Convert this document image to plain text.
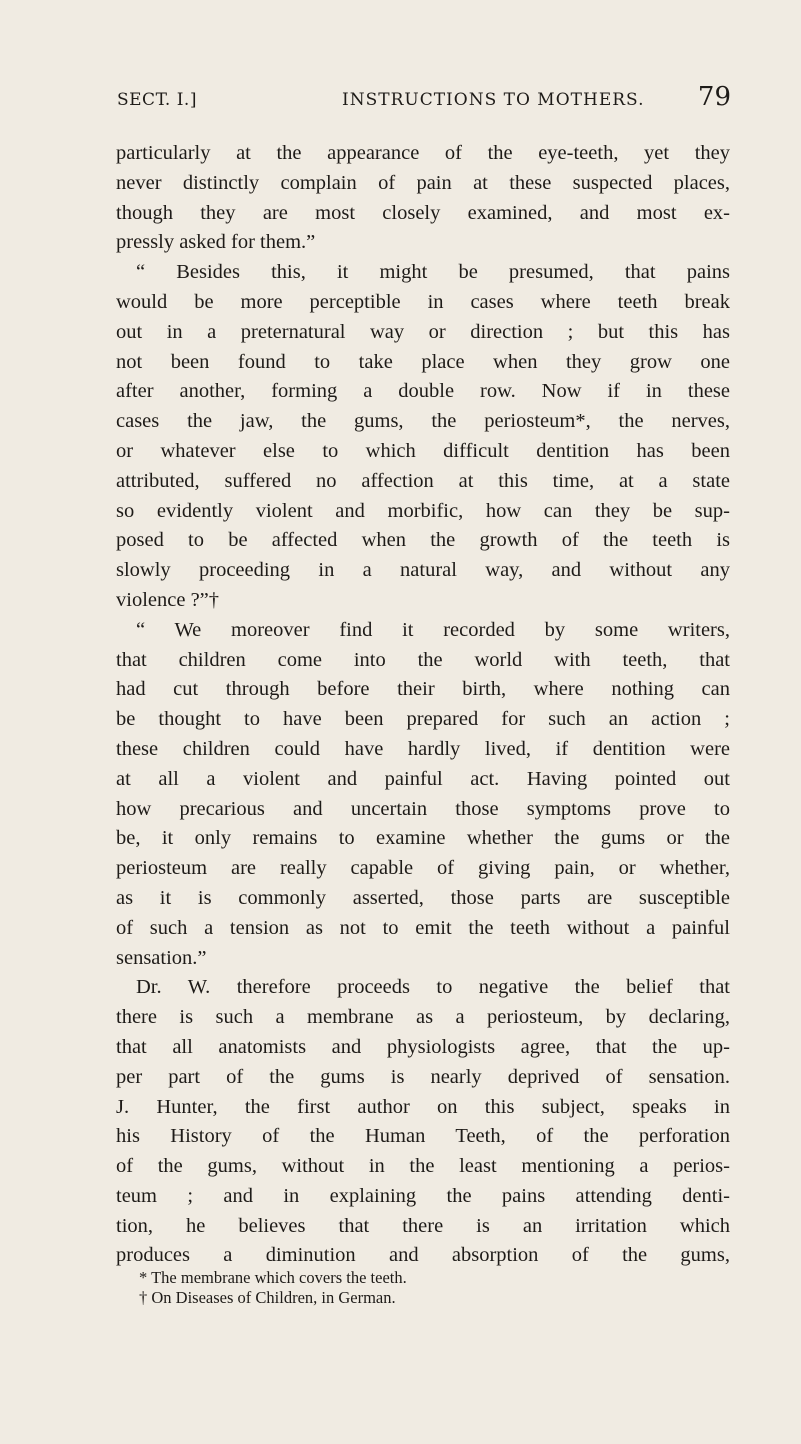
SECT. I.]	INSTRUCTIONS TO MOTHERS. 79
particularly at the appearance of the eye-teeth, yet they
never distinctly complain of pain at these suspected places,
though they are most closely examined, and most ex-
pressly asked for them.”
“ Besides this, it might be presumed, that pains
would be more perceptible in cases where teeth break
out in a preternatural way or direction ; but this has
not been found to take place when they grow one
after another, forming a double row. Now if in these
cases the jaw, the gums, the periosteum*, the nerves,
or whatever else to which difficult dentition has been
attributed, suffered no affection at this time, at a state
so evidently violent and morbific, how can they be sup-
posed to be affected when the growth of the teeth is
slowly proceeding in a natural way, and without any
violence ?”†
“ We moreover find it recorded by some writers,
that children come into the world with teeth, that
had cut through before their birth, where nothing can
be thought to have been prepared for such an action ;
these children could have hardly lived, if dentition were
at all a violent and painful act. Having pointed out
how precarious and uncertain those symptoms prove to
be, it only remains to examine whether the gums or the
periosteum are really capable of giving pain, or whether,
as it is commonly asserted, those parts are susceptible
of such a tension as not to emit the teeth without a painful
sensation.”
Dr. W. therefore proceeds to negative the belief that
there is such a membrane as a periosteum, by declaring,
that all anatomists and physiologists agree, that the up-
per part of the gums is nearly deprived of sensation.
J. Hunter, the first author on this subject, speaks in
his History of the Human Teeth, of the perforation
of the gums, without in the least mentioning a perios-
teum ; and in explaining the pains attending denti-
tion, he believes that there is an irritation which
produces a diminution and absorption of the gums,
* The membrane which covers the teeth.
† On Diseases of Children, in German.
